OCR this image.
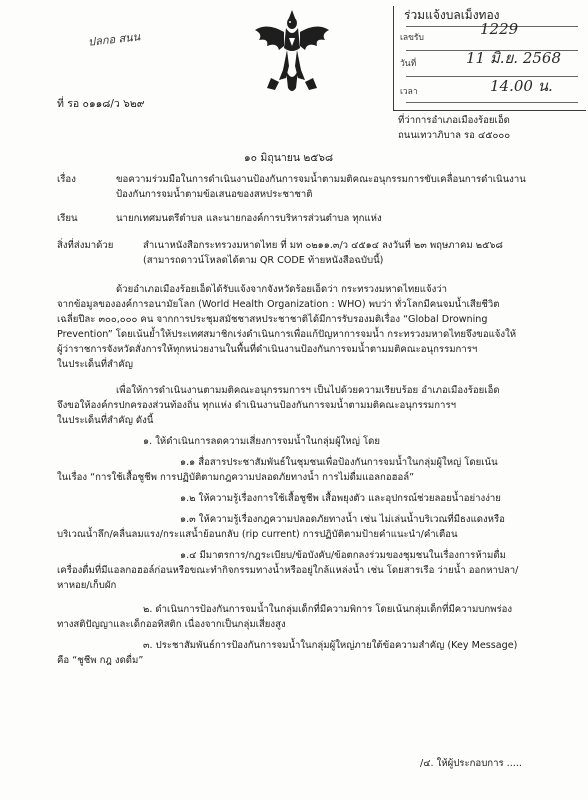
ปลกอ สนน
ร่วมแจ้งบลเม็งทอง
เลขรับ	1229
วันที่	11 มิ.ย. 2568
เวลา	14.00 น.
ที่ รอ ๐๑๑๘/ว ๖๒๙
ที่ว่าการอำเภอเมืองร้อยเอ็ด
ถนนเทวาภิบาล รอ ๔๕๐๐๐
๑๐ มิถุนายน ๒๕๖๘
เรื่อง	ขอความร่วมมือในการดำเนินงานป้องกันการจมน้ำตามมติคณะอนุกรรมการขับเคลื่อนการดำเนินงาน
ป้องกันการจมน้ำตามข้อเสนอของสหประชาชาติ
เรียน	นายกเทศมนตรีตำบล และนายกองค์การบริหารส่วนตำบล ทุกแห่ง
สิ่งที่ส่งมาด้วย	สำเนาหนังสือกระทรวงมหาดไทย ที่ มท ๐๒๑๑.๓/ว ๔๕๑๔ ลงวันที่ ๒๓ พฤษภาคม ๒๕๖๘
(สามารถดาวน์โหลดได้ตาม QR CODE ท้ายหนังสือฉบับนี้)
ด้วยอำเภอเมืองร้อยเอ็ดได้รับแจ้งจากจังหวัดร้อยเอ็ดว่า กระทรวงมหาดไทยแจ้งว่า
จากข้อมูลขององค์การอนามัยโลก (World Health Organization : WHO) พบว่า ทั่วโลกมีคนจมน้ำเสียชีวิต
เฉลี่ยปีละ ๓๐๐,๐๐๐ คน จากการประชุมสมัชชาสหประชาชาติได้มีการรับรองมติเรื่อง “Global Drowning
Prevention” โดยเน้นย้ำให้ประเทศสมาชิกเร่งดำเนินการเพื่อแก้ปัญหาการจมน้ำ กระทรวงมหาดไทยจึงขอแจ้งให้
ผู้ว่าราชการจังหวัดสั่งการให้ทุกหน่วยงานในพื้นที่ดำเนินงานป้องกันการจมน้ำตามมติคณะอนุกรรมการฯ
ในประเด็นที่สำคัญ
เพื่อให้การดำเนินงานตามมติคณะอนุกรรมการฯ เป็นไปด้วยความเรียบร้อย อำเภอเมืองร้อยเอ็ด
จึงขอให้องค์กรปกครองส่วนท้องถิ่น ทุกแห่ง ดำเนินงานป้องกันการจมน้ำตามมติคณะอนุกรรมการฯ
ในประเด็นที่สำคัญ ดังนี้
๑. ให้ดำเนินการลดความเสี่ยงการจมน้ำในกลุ่มผู้ใหญ่ โดย
๑.๑ สื่อสารประชาสัมพันธ์ในชุมชนเพื่อป้องกันการจมน้ำในกลุ่มผู้ใหญ่ โดยเน้น
ในเรื่อง “การใช้เสื้อชูชีพ การปฏิบัติตามกฎความปลอดภัยทางน้ำ การไม่ดื่มแอลกอฮอล์”
๑.๒ ให้ความรู้เรื่องการใช้เสื้อชูชีพ เสื้อพยุงตัว และอุปกรณ์ช่วยลอยน้ำอย่างง่าย
๑.๓ ให้ความรู้เรื่องกฎความปลอดภัยทางน้ำ เช่น ไม่เล่นน้ำบริเวณที่มีธงแดงหรือ
บริเวณน้ำลึก/คลื่นลมแรง/กระแสน้ำย้อนกลับ (rip current) การปฏิบัติตามป้ายคำแนะนำ/คำเตือน
๑.๔ มีมาตรการ/กฎระเบียบ/ข้อบังคับ/ข้อตกลงร่วมของชุมชนในเรื่องการห้ามดื่ม
เครื่องดื่มที่มีแอลกอฮอล์ก่อนหรือขณะทำกิจกรรมทางน้ำหรืออยู่ใกล้แหล่งน้ำ เช่น โดยสารเรือ ว่ายน้ำ ออกหาปลา/
หาหอย/เก็บผัก
๒. ดำเนินการป้องกันการจมน้ำในกลุ่มเด็กที่มีความพิการ โดยเน้นกลุ่มเด็กที่มีความบกพร่อง
ทางสติปัญญาและเด็กออทิสติก เนื่องจากเป็นกลุ่มเสี่ยงสูง
๓. ประชาสัมพันธ์การป้องกันการจมน้ำในกลุ่มผู้ใหญ่ภายใต้ข้อความสำคัญ (Key Message)
คือ “ชูชีพ กฎ งดดื่ม”
/๔. ให้ผู้ประกอบการ .....
